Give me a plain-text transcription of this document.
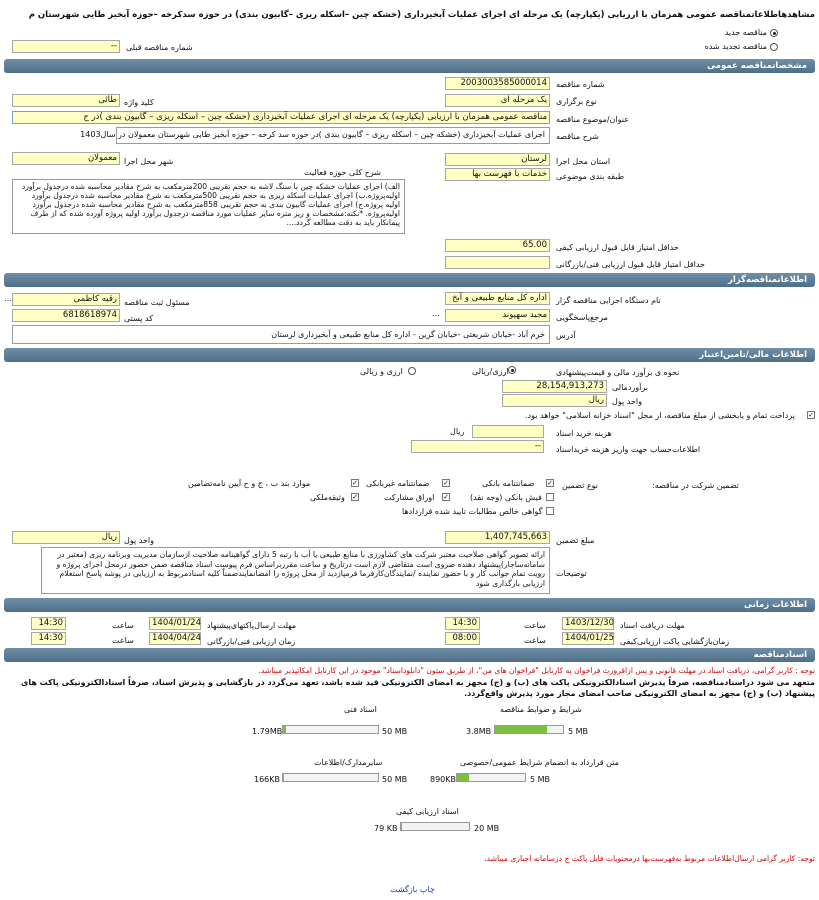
مشاهدهاطلاعاتمناقصه عمومی همزمان با ارزیابی (یکپارچه) یک مرحله ای اجرای عملیات آبخیزداری (خشکه چین –اسکله ریزی –گابیون بندی) در حوزه سدکرخه –حوزه آبخیز طایی شهرستان م
مناقصه جدید
مناقصه تجدید شده
شماره مناقصه قبلی
--
مشخصاتمناقصه عمومی
شماره مناقصه
2003003585000014
نوع برگزاری
یک مرحله ای
کلید واژه
طائی
عنوان/موضوع مناقصه
مناقصه عمومی همزمان با ارزیابی (یکپارچه) یک مرحله ای اجرای عملیات آبخیزداری (خشکه چین – اسکله ریزی – گابیون بندی )در ح
شرح مناقصه
اجرای عملیات آبخیزداری (خشکه چین – اسکله ریزی – گابیون بندی )در حوزه سد کرخه – حوزه آبخیز طایی شهرستان معمولان در سال1403
استان محل اجرا
لرستان
شهر محل اجرا
معمولان
طبقه بندی موضوعی
خدمات با فهرست بها
شرح کلی حوزه فعالیت
الف) اجرای عملیات خشکه چین با سنگ لاشه به حجم تقریبی 200مترمکعب به شرح مقادیر محاسبه شده درجدول برآورد اولیه‌پروژه.ب) اجرای عملیات اسکله ریزی به حجم تقریبی 500مترمکعب به شرح مقادیر محاسبه شده درجدول برآورد اولیه پروژه.ج) اجرای عملیات گابیون بندی به حجم تقریبی 858مترمکعب به شرح مقادیر محاسبه شده درجدول برآورد اولیه‌پروژه. *نکته:مشخصات و ریز متره سایر عملیات مورد مناقصه درجدول برآورد اولیه پروژه آورده شده که از طرف پیمانکار باید به دقت مطالعه گردد....
حداقل امتیاز قابل قبول ارزیابی کیفی
65.00
حداقل امتیاز قابل قبول ارزیابی فنی/بازرگانی
اطلاعاتمناقصه‌گزار
نام دستگاه اجرایی مناقصه گزار
اداره کل منابع طبیعی و آبخ
مسئول ثبت مناقصه
رقیه کاظمی
…
مرجع‌پاسخگویی
مجید سهپوند
...
کد پستی
6818618974
آدرس
خرم آباد -خیابان شریعتی -خیابان گرین - اداره کل منابع طبیعی و آبخیزداری لرستان
اطلاعات مالی/تامین‌اعتبار
نحوه ی برآورد مالی و قیمت‌پیشنهادی
ارزی/ریالی
ارزی و ریالی
برآوردمالی
28,154,913,273
واحد پول
ریال
✓
پرداخت تمام و یابخشی از مبلغ مناقصه، از محل "اسناد خزانه اسلامی" خواهد بود.
هزینه خرید اسناد
ریال
اطلاعات‌حساب جهت واریز هزینه خریداسناد
--
تضمین شرکت در مناقصه:
نوع تضمین
✓
ضمانتنامه بانکی
✓
ضمانتنامه غیربانکی
✓
موارد بند ب ، ج و ح آیین نامه‌تضامین
فیش بانکی (وجه نقد)
✓
اوراق مشارکت
✓
وثیقه‌ملکی
گواهی خالص مطالبات تایید شده قراردادها
مبلغ تضمین
1,407,745,663
واحد پول
ریال
توضیحات
ارائه تصویر گواهی صلاحیت معتبر شرکت های کشاورزی با منابع طبیعی یا آب با رتبه 5 دارای گواهینامه صلاحیت ازسازمان مدیریت وبرنامه ریزی (معتبر در سامانه‌ساجار)پیشنهاد دهنده ضروی است متقاضی لازم است درتاریخ و ساعت مقرربراساس فرم پیوست اسناد مناقصه ضمن حضور درمحل اجرای پروژه و رویت تمام جوانب کار و با حضور نماینده /نمایندگان‌کارفرما فرمپازدید از محل پروژه را امضانمایندضمناً کلیه اسنادمربوط به ارزیابی در پوشه پاسخ استعلام ارزیابی بارگذاری شود
اطلاعات زمانی
مهلت دریافت اسناد
1403/12/30
ساعت
14:30
مهلت ارسال‌پاکتهای‌پیشنهاد
1404/01/24
ساعت
14:30
زمان‌بازگشایی پاکت ارزیابی‌کیفی
1404/01/25
ساعت
08:00
زمان ارزیابی فنی/بازرگانی
1404/04/24
ساعت
14:30
اسنادمناقصه
توجه : کاربر گرامی، دریافت اسناد در مهلت قانونی و پس ازاقرورت فراخوان به کارتابل "فراخوان های من"، از طریق ستون "دانلوداسناد" موجود در این کارتابل امکانپذیر میباشد.
متعهد می شود دراسنادمناقصه، صرفاً پذیرش اسنادالکترونیکی پاکت های (ب) و (ج) مجهز به امضای الکترونیکی قید شده باشد، تعهد می‌گردد در بازگشایی و پذیرش اسناد، صرفاً اسنادالکترونیکی پاکت های پیشنهاد (ب) و (ج) مجهز به امضای الکترونیکی صاحب امضای مجاز مورد پذیرش واقع‌گردد.
شرایط و ضوابط مناقصه
3.8MB	5 MB
اسناد فنی
1.79MB	50 MB
متن قرارداد به انضمام شرایط عمومی/خصوصی
890KB	5 MB
سایرمدارک/اطلاعات
166KB	50 MB
اسناد ارزیابی کیفی
79 KB	20 MB
توجه: کاربر گرامی ارسال‌اطلاعات مربوط به‌فهرست‌بها درمحتویات فایل پاکت ج درسامانه اجباری میباشد.
چاپ بازگشت
